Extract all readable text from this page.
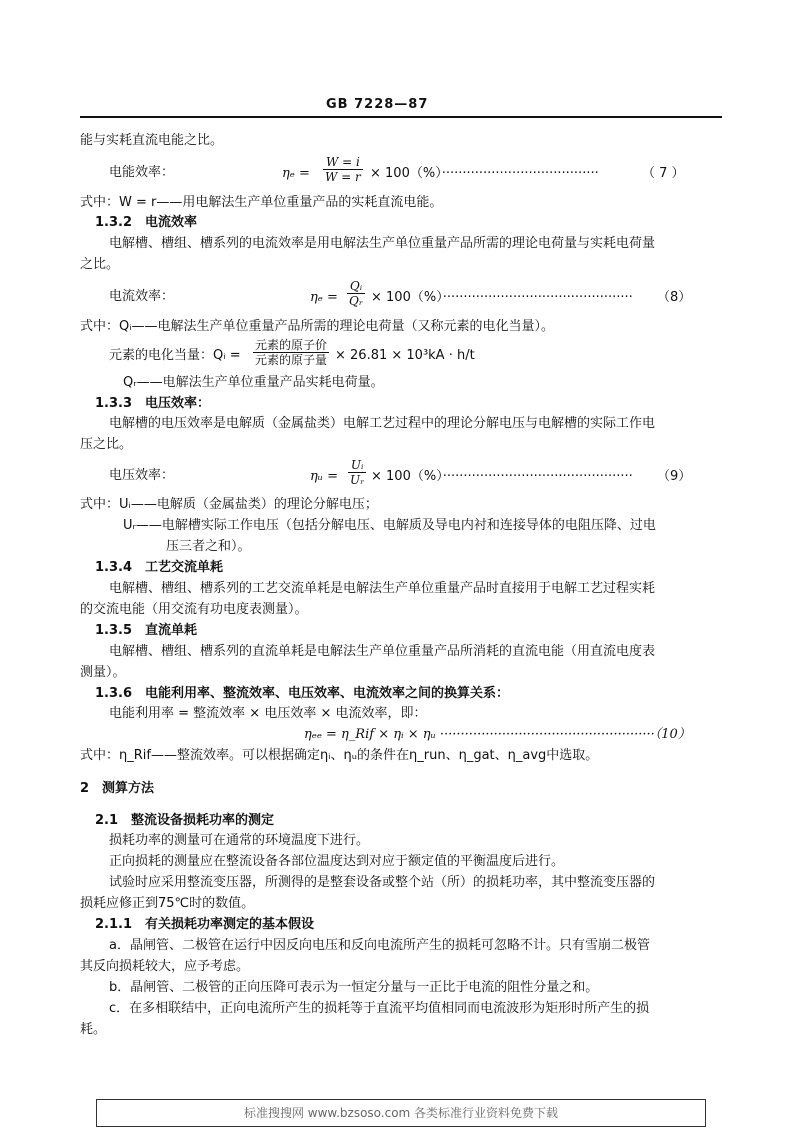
GB 7228—87
能与实耗直流电能之比。
电能效率：	$\eta_e = \frac{W = i}{W = r} \times 100(\%)\cdot\cdot\cdot\cdot\cdot\cdot\cdot\cdot\cdot\cdot\cdot\cdot\cdot\cdot\cdot\cdot\cdot\cdot\cdot\cdot\cdot\cdot\cdot\cdot\cdot\cdot\cdot\cdot\cdot\cdot\cdot\cdot\cdot\cdot\cdot\cdot\cdot\cdot$	（ 7 ）
式中：W = r——用电解法生产单位重量产品的实耗直流电能。
1.3.2　电流效率
电解槽、槽组、槽系列的电流效率是用电解法生产单位重量产品所需的理论电荷量与实耗电荷量
之比。
电流效率：	$\eta_e = \frac{\text{Qᵢ}}{\text{Qᵣ}} \times 100(\%)\cdot\cdot\cdot\cdot\cdot\cdot\cdot\cdot\cdot\cdot\cdot\cdot\cdot\cdot\cdot\cdot\cdot\cdot\cdot\cdot\cdot\cdot\cdot\cdot\cdot\cdot\cdot\cdot\cdot\cdot\cdot\cdot\cdot\cdot\cdot\cdot\cdot\cdot\cdot\cdot\cdot\cdot\cdot\cdot\cdot\cdot (8)$
式中：Qᵢ——电解法生产单位重量产品所需的理论电荷量（又称元素的电化当量）。
元素的电化当量：Qᵢ =
元素的原子价
元素的原子量 × 26.81 × 10³kA · h/t
Qᵣ——电解法生产单位重量产品实耗电荷量。
1.3.3　电压效率：
电解槽的电压效率是电解质（金属盐类）电解工艺过程中的理论分解电压与电解槽的实际工作电
压之比。
电压效率：	ηᵤ = $\frac{\text{Uᵢ}}{\text{Uᵣ}} \times 100(\%)\cdot\cdot\cdot\cdot\cdot\cdot\cdot\cdot\cdot\cdot\cdot\cdot\cdot\cdot\cdot\cdot\cdot\cdot\cdot\cdot\cdot\cdot\cdot\cdot\cdot\cdot\cdot\cdot\cdot\cdot\cdot\cdot\cdot\cdot\cdot\cdot\cdot\cdot\cdot\cdot\cdot\cdot\cdot\cdot\cdot\cdot (9)$
式中：Uᵢ——电解质（金属盐类）的理论分解电压；
Uᵣ——电解槽实际工作电压（包括分解电压、电解质及导电内衬和连接导体的电阻压降、过电
压三者之和）。
1.3.4　工艺交流单耗
电解槽、槽组、槽系列的工艺交流单耗是电解法生产单位重量产品时直接用于电解工艺过程实耗
的交流电能（用交流有功电度表测量）。
1.3.5　直流单耗
电解槽、槽组、槽系列的直流单耗是电解法生产单位重量产品所消耗的直流电能（用直流电度表
测量）。
1.3.6　电能利用率、整流效率、电压效率、电流效率之间的换算关系：
电能利用率 = 整流效率 × 电压效率 × 电流效率，即：
ηₑₑ = η_Rif × ηᵢ × ηᵤ ····················································（10）
式中：η_Rif——整流效率。可以根据确定ηᵢ、ηᵤ的条件在η_run、η_gat、η_avg中选取。
2　测算方法
2.1　整流设备损耗功率的测定
损耗功率的测量可在通常的环境温度下进行。
正向损耗的测量应在整流设备各部位温度达到对应于额定值的平衡温度后进行。
试验时应采用整流变压器，所测得的是整套设备或整个站（所）的损耗功率，其中整流变压器的
损耗应修正到75℃时的数值。
2.1.1　有关损耗功率测定的基本假设
a．晶闸管、二极管在运行中因反向电压和反向电流所产生的损耗可忽略不计。只有雪崩二极管
其反向损耗较大，应予考虑。
b．晶闸管、二极管的正向压降可表示为一恒定分量与一正比于电流的阻性分量之和。
c．在多相联结中，正向电流所产生的损耗等于直流平均值相同而电流波形为矩形时所产生的损
耗。
标准搜搜网 www.bzsoso.com 各类标准行业资料免费下载
